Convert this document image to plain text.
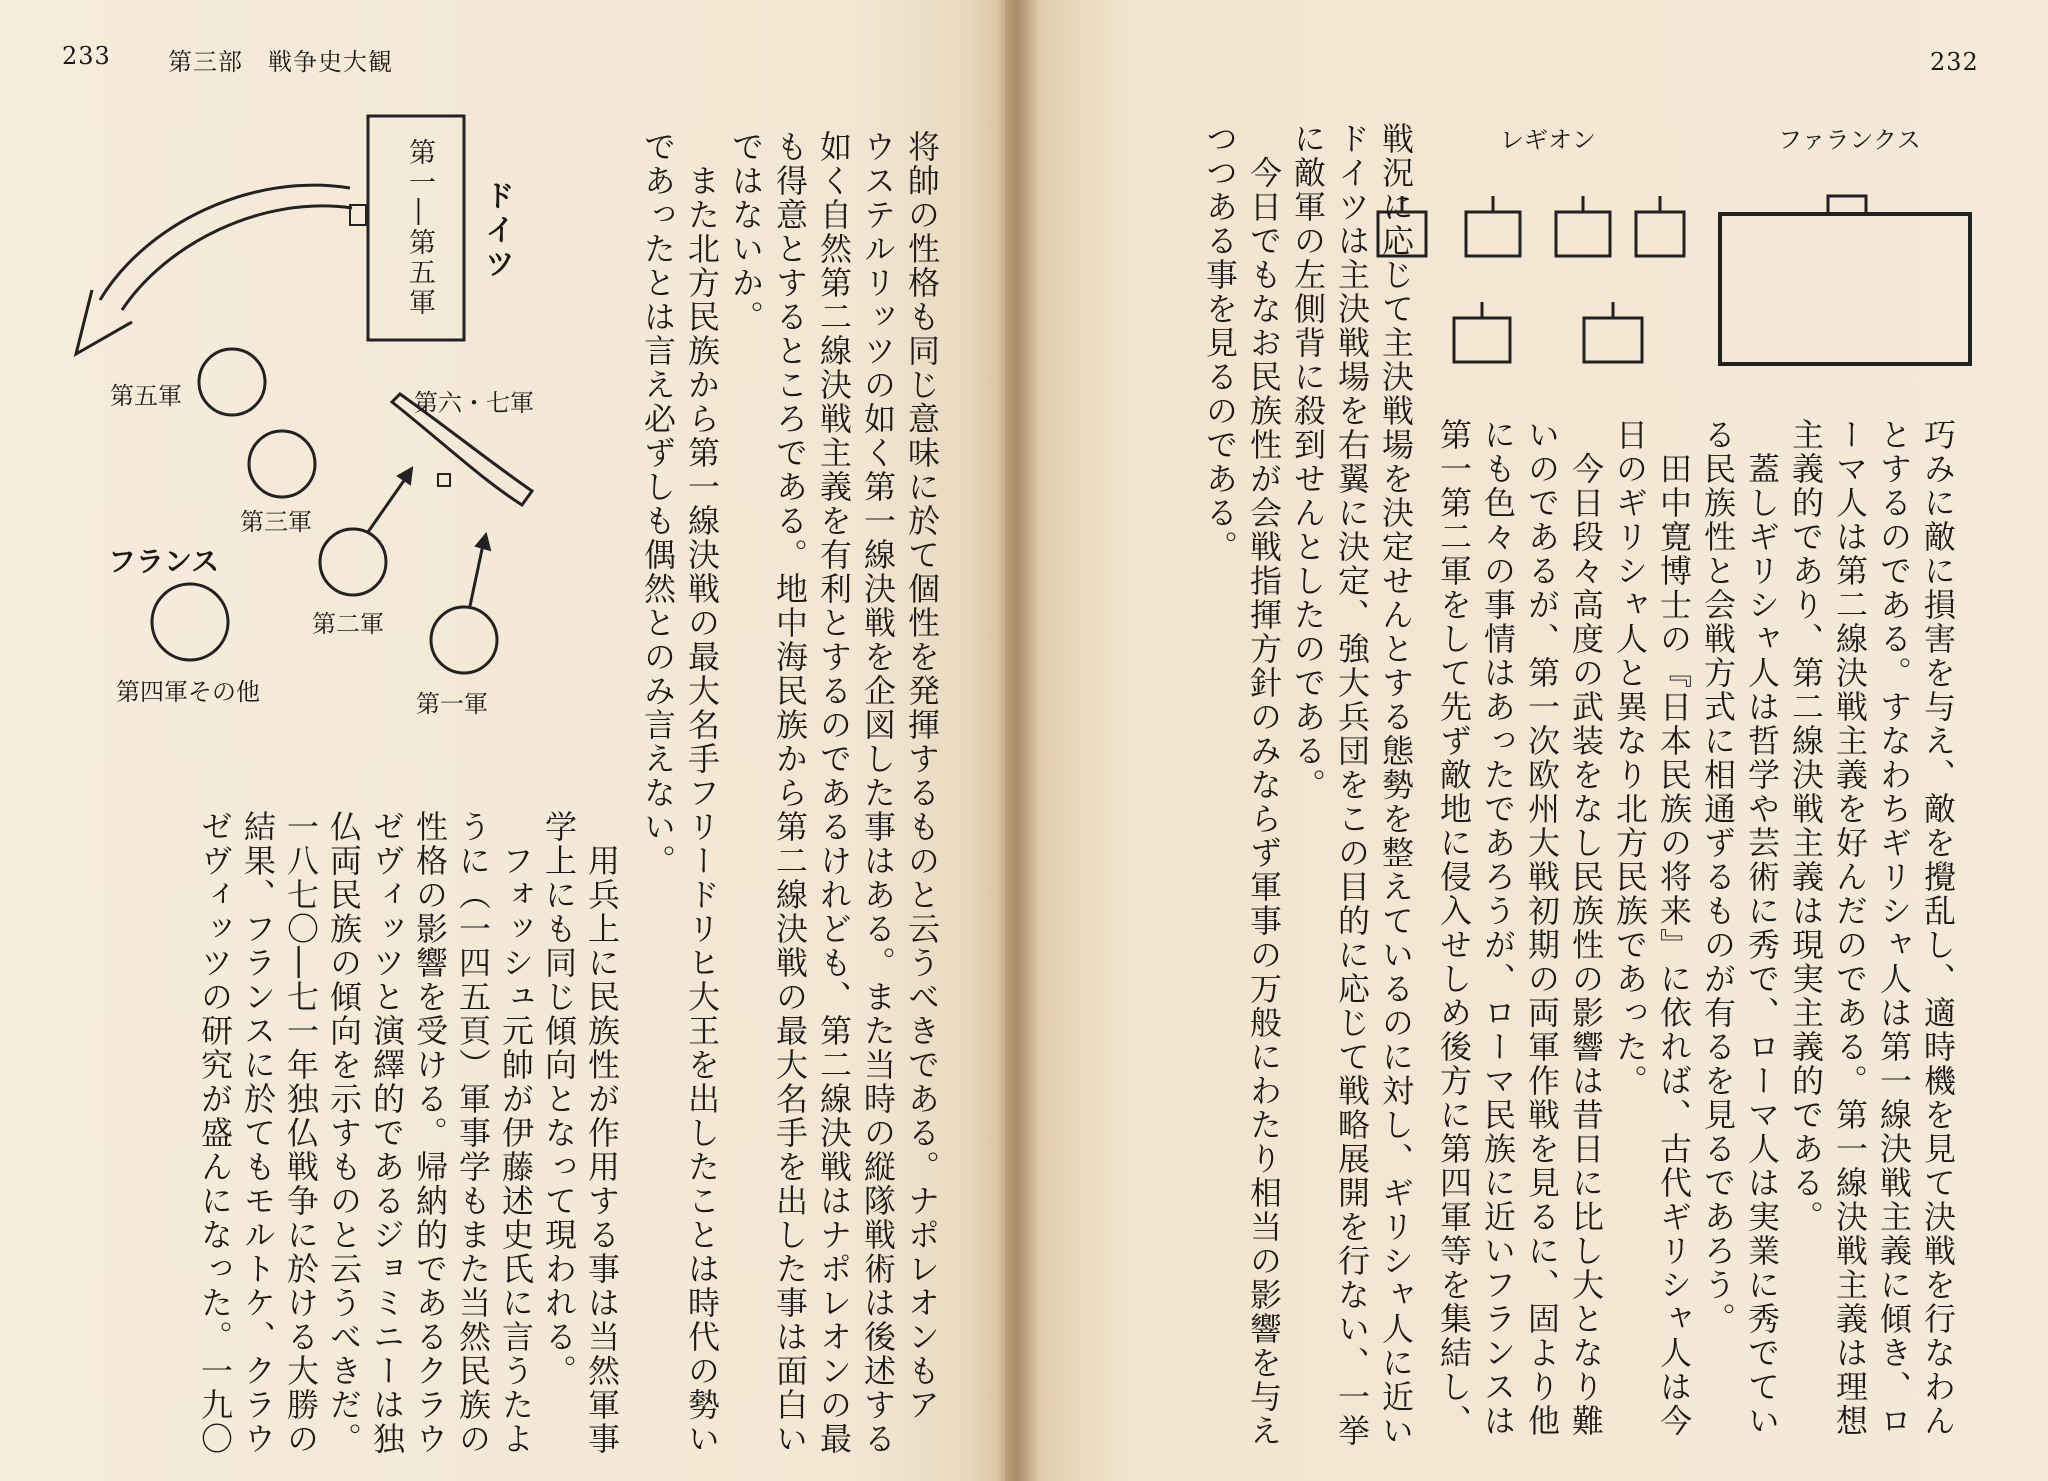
233 第三部　戦争史大観
ドイツ
第一―第五軍
第五軍
第三軍
第二軍
第一軍
第四軍その他
第六・七軍
フランス	将帥の性格も同じ意味に於て個性を発揮するものと云うべきである。ナポレオンもア
ウステルリッツの如く第一線決戦を企図した事はある。また当時の縦隊戦術は後述する
如く自然第二線決戦主義を有利とするのであるけれども、第二線決戦はナポレオンの最
も得意とするところである。地中海民族から第二線決戦の最大名手を出した事は面白い
ではないか。
　また北方民族から第一線決戦の最大名手フリードリヒ大王を出したことは時代の勢い
であったとは言え必ずしも偶然とのみ言えない。
　用兵上に民族性が作用する事は当然軍事
学上にも同じ傾向となって現われる。
　フォッシュ元帥が伊藤述史氏に言うたよ
うに（一四五頁）軍事学もまた当然民族の
性格の影響を受ける。帰納的であるクラウ
ゼヴィッツと演繹的であるジョミニーは独
仏両民族の傾向を示すものと云うべきだ。
一八七〇―七一年独仏戦争に於ける大勝の
結果、フランスに於てもモルトケ、クラウ
ゼヴィッツの研究が盛んになった。一九〇
232
レギオン	ファランクス
巧みに敵に損害を与え、敵を攪乱し、適時機を見て決戦を行なわん
とするのである。すなわちギリシャ人は第一線決戦主義に傾き、ロ
ーマ人は第二線決戦主義を好んだのである。第一線決戦主義は理想
主義的であり、第二線決戦主義は現実主義的である。
　蓋しギリシャ人は哲学や芸術に秀で、ローマ人は実業に秀でてい
る民族性と会戦方式に相通ずるものが有るを見るであろう。
　田中寛博士の『日本民族の将来』に依れば、古代ギリシャ人は今
日のギリシャ人と異なり北方民族であった。
　今日段々高度の武装をなし民族性の影響は昔日に比し大となり難
いのであるが、第一次欧州大戦初期の両軍作戦を見るに、固より他
にも色々の事情はあったであろうが、ローマ民族に近いフランスは
第一第二軍をして先ず敵地に侵入せしめ後方に第四軍等を集結し、
戦況に応じて主決戦場を決定せんとする態勢を整えているのに対し、ギリシャ人に近い
ドイツは主決戦場を右翼に決定、強大兵団をこの目的に応じて戦略展開を行ない、一挙
に敵軍の左側背に殺到せんとしたのである。
　今日でもなお民族性が会戦指揮方針のみならず軍事の万般にわたり相当の影響を与え
つつある事を見るのである。
